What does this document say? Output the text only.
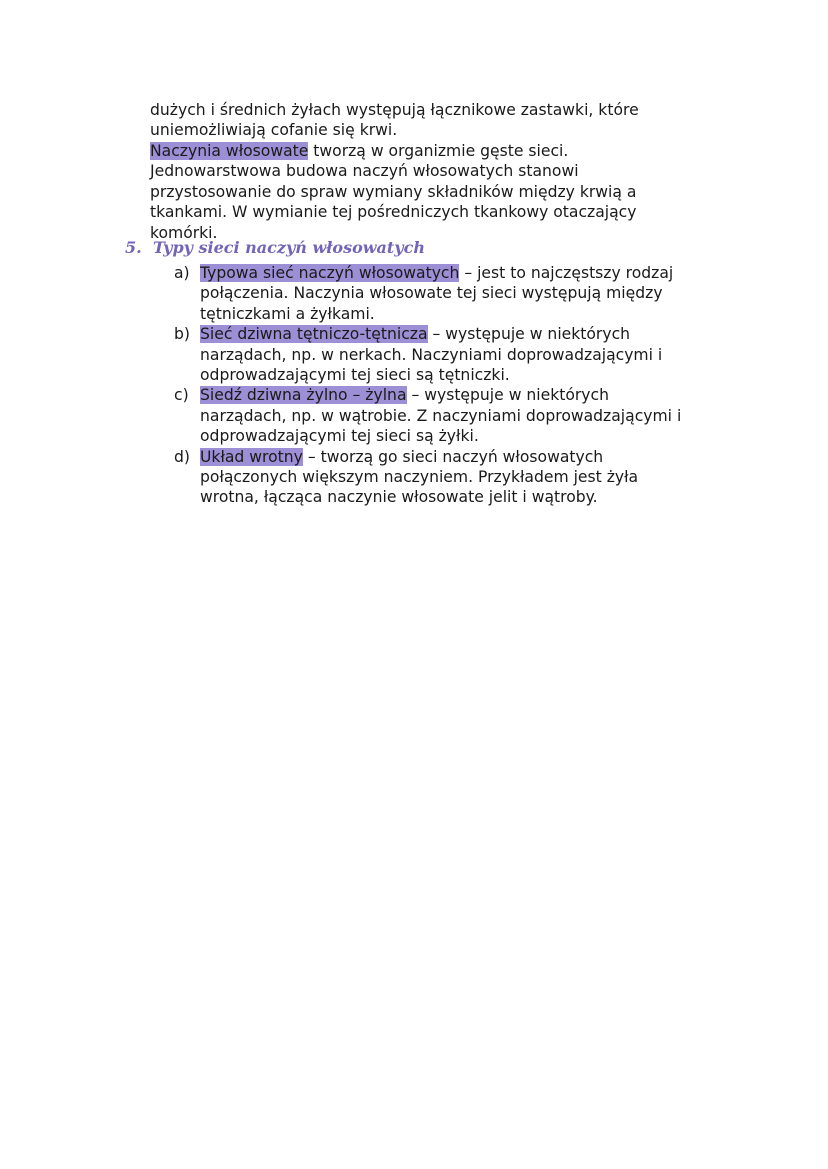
dużych i średnich żyłach występują łącznikowe zastawki, które
uniemożliwiają cofanie się krwi.
Naczynia włosowate tworzą w organizmie gęste sieci.
Jednowarstwowa budowa naczyń włosowatych stanowi
przystosowanie do spraw wymiany składników między krwią a
tkankami. W wymianie tej pośredniczych tkankowy otaczający
komórki.
5. Typy sieci naczyń włosowatych
a) Typowa sieć naczyń włosowatych – jest to najczęstszy rodzaj
połączenia. Naczynia włosowate tej sieci występują między
tętniczkami a żyłkami.
b) Sieć dziwna tętniczo-tętnicza – występuje w niektórych
narządach, np. w nerkach. Naczyniami doprowadzającymi i
odprowadzającymi tej sieci są tętniczki.
c) Siedź dziwna żylno – żylna – występuje w niektórych
narządach, np. w wątrobie. Z naczyniami doprowadzającymi i
odprowadzającymi tej sieci są żyłki.
d) Układ wrotny – tworzą go sieci naczyń włosowatych
połączonych większym naczyniem. Przykładem jest żyła
wrotna, łącząca naczynie włosowate jelit i wątroby.
